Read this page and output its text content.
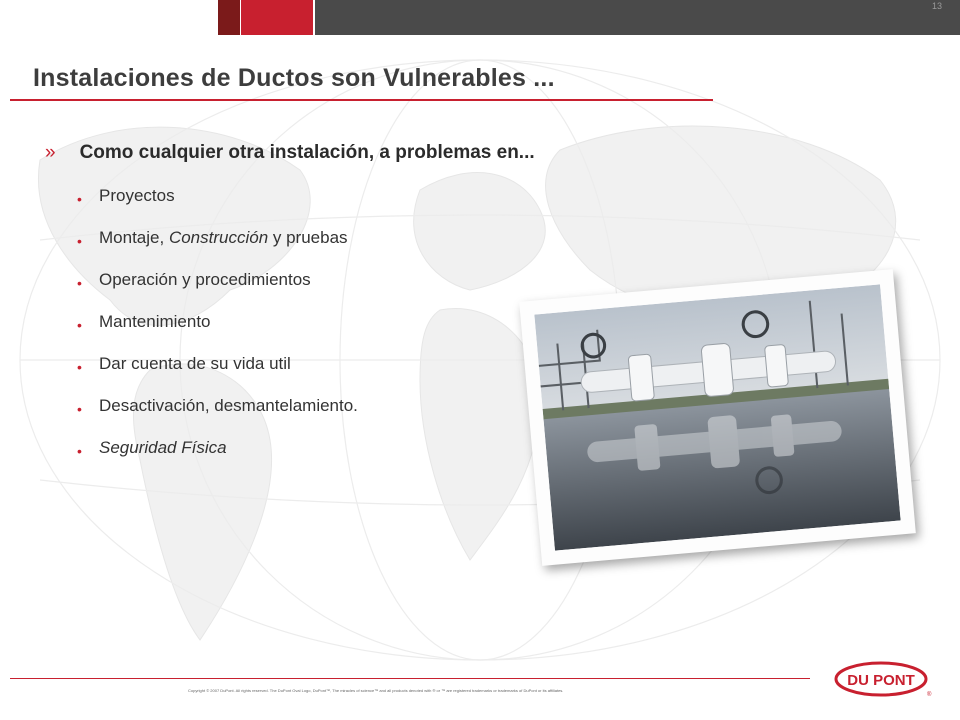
13
Instalaciones de Ductos son Vulnerables ...
» Como cualquier otra instalación, a problemas en...
• Proyectos
• Montaje, Construcción y pruebas
• Operación y procedimientos
• Mantenimiento
• Dar cuenta de su vida util
• Desactivación, desmantelamiento.
• Seguridad Física
Copyright © 2007 DuPont. All rights reserved. The DuPont Oval Logo, DuPont™, The miracles of science™ and all products denoted with ® or ™ are registered trademarks or trademarks of DuPont or its affiliates.
DU PONT
®
